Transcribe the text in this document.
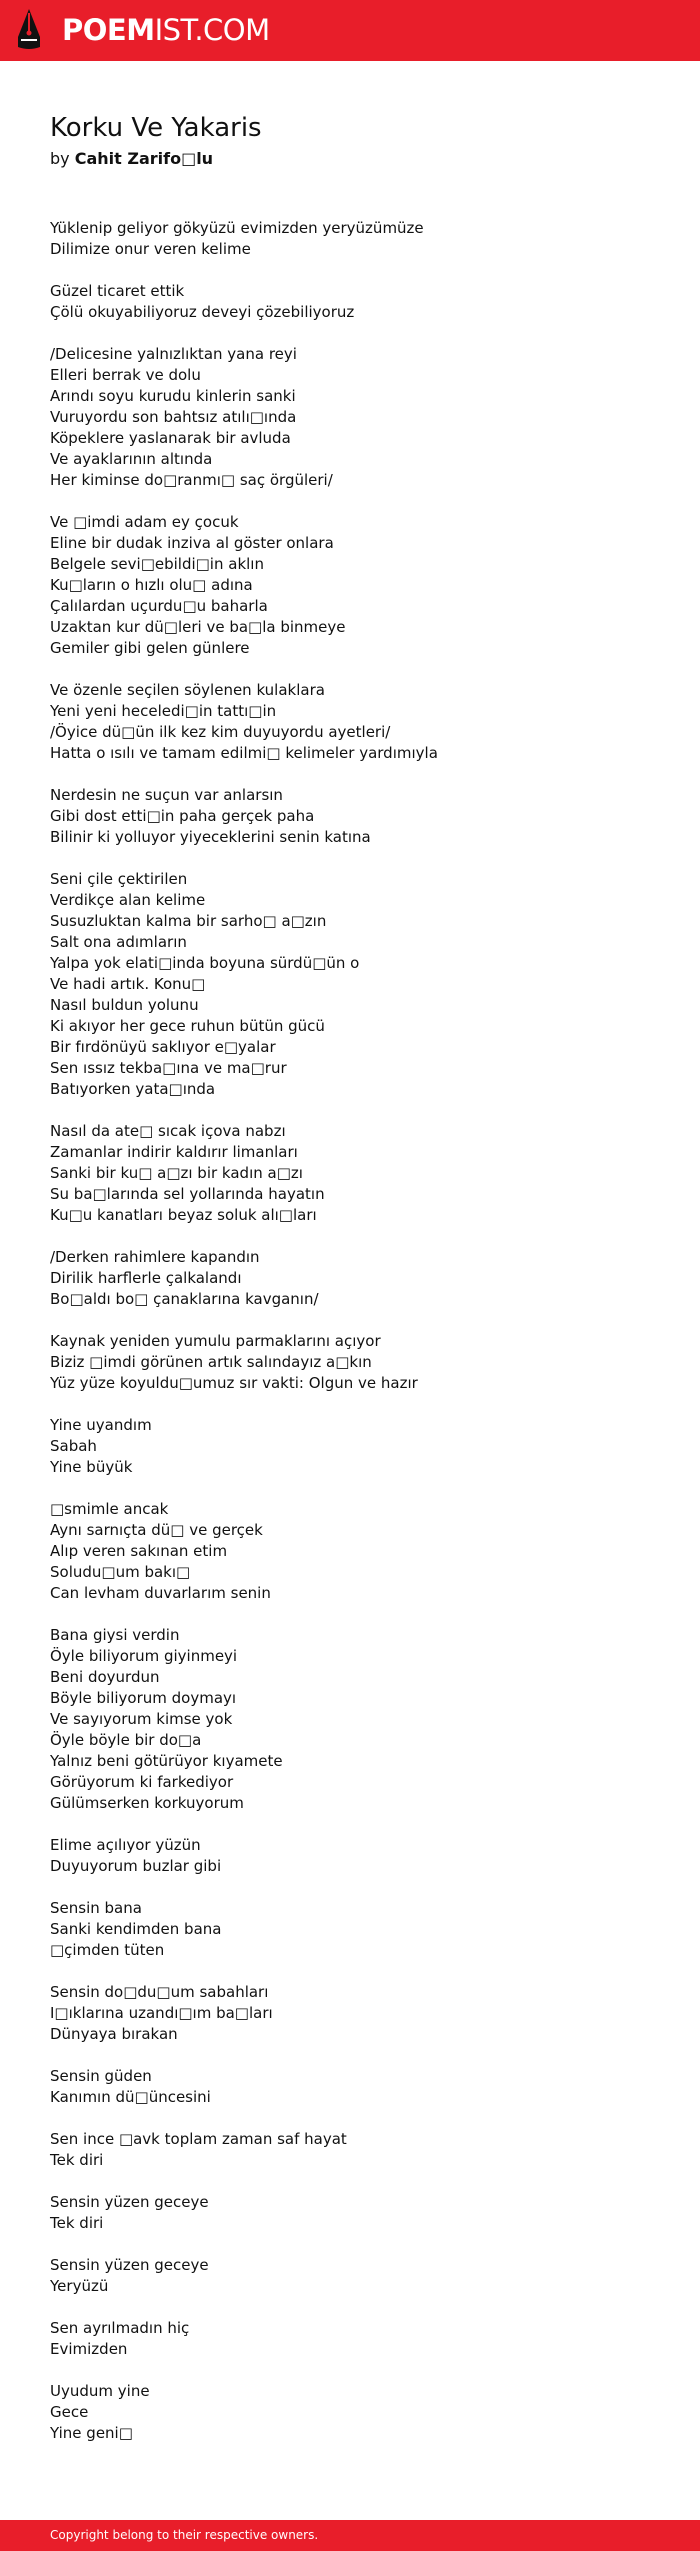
POEMIST.COM
Korku Ve Yakaris
by Cahit Zarifo□lu
Yüklenip geliyor gökyüzü evimizden yeryüzümüze
Dilimize onur veren kelime
Güzel ticaret ettik
Çölü okuyabiliyoruz deveyi çözebiliyoruz
/Delicesine yalnızlıktan yana reyi
Elleri berrak ve dolu
Arındı soyu kurudu kinlerin sanki
Vuruyordu son bahtsız atılı□ında
Köpeklere yaslanarak bir avluda
Ve ayaklarının altında
Her kiminse do□ranmı□ saç örgüleri/
Ve □imdi adam ey çocuk
Eline bir dudak inziva al göster onlara
Belgele sevi□ebildi□in aklın
Ku□ların o hızlı olu□ adına
Çalılardan uçurdu□u baharla
Uzaktan kur dü□leri ve ba□la binmeye
Gemiler gibi gelen günlere
Ve özenle seçilen söylenen kulaklara
Yeni yeni heceledi□in tattı□in
/Öyice dü□ün ilk kez kim duyuyordu ayetleri/
Hatta o ısılı ve tamam edilmi□ kelimeler yardımıyla
Nerdesin ne suçun var anlarsın
Gibi dost etti□in paha gerçek paha
Bilinir ki yolluyor yiyeceklerini senin katına
Seni çile çektirilen
Verdikçe alan kelime
Susuzluktan kalma bir sarho□ a□zın
Salt ona adımların
Yalpa yok elati□inda boyuna sürdü□ün o
Ve hadi artık. Konu□
Nasıl buldun yolunu
Ki akıyor her gece ruhun bütün gücü
Bir fırdönüyü saklıyor e□yalar
Sen ıssız tekba□ına ve ma□rur
Batıyorken yata□ında
Nasıl da ate□ sıcak içova nabzı
Zamanlar indirir kaldırır limanları
Sanki bir ku□ a□zı bir kadın a□zı
Su ba□larında sel yollarında hayatın
Ku□u kanatları beyaz soluk alı□ları
/Derken rahimlere kapandın
Dirilik harflerle çalkalandı
Bo□aldı bo□ çanaklarına kavganın/
Kaynak yeniden yumulu parmaklarını açıyor
Biziz □imdi görünen artık salındayız a□kın
Yüz yüze koyuldu□umuz sır vakti: Olgun ve hazır
Yine uyandım
Sabah
Yine büyük
□smimle ancak
Aynı sarnıçta dü□ ve gerçek
Alıp veren sakınan etim
Soludu□um bakı□
Can levham duvarlarım senin
Bana giysi verdin
Öyle biliyorum giyinmeyi
Beni doyurdun
Böyle biliyorum doymayı
Ve sayıyorum kimse yok
Öyle böyle bir do□a
Yalnız beni götürüyor kıyamete
Görüyorum ki farkediyor
Gülümserken korkuyorum
Elime açılıyor yüzün
Duyuyorum buzlar gibi
Sensin bana
Sanki kendimden bana
□çimden tüten
Sensin do□du□um sabahları
I□ıklarına uzandı□ım ba□ları
Dünyaya bırakan
Sensin güden
Kanımın dü□üncesini
Sen ince □avk toplam zaman saf hayat
Tek diri
Sensin yüzen geceye
Tek diri
Sensin yüzen geceye
Yeryüzü
Sen ayrılmadın hiç
Evimizden
Uyudum yine
Gece
Yine geni□
Copyright belong to their respective owners.
